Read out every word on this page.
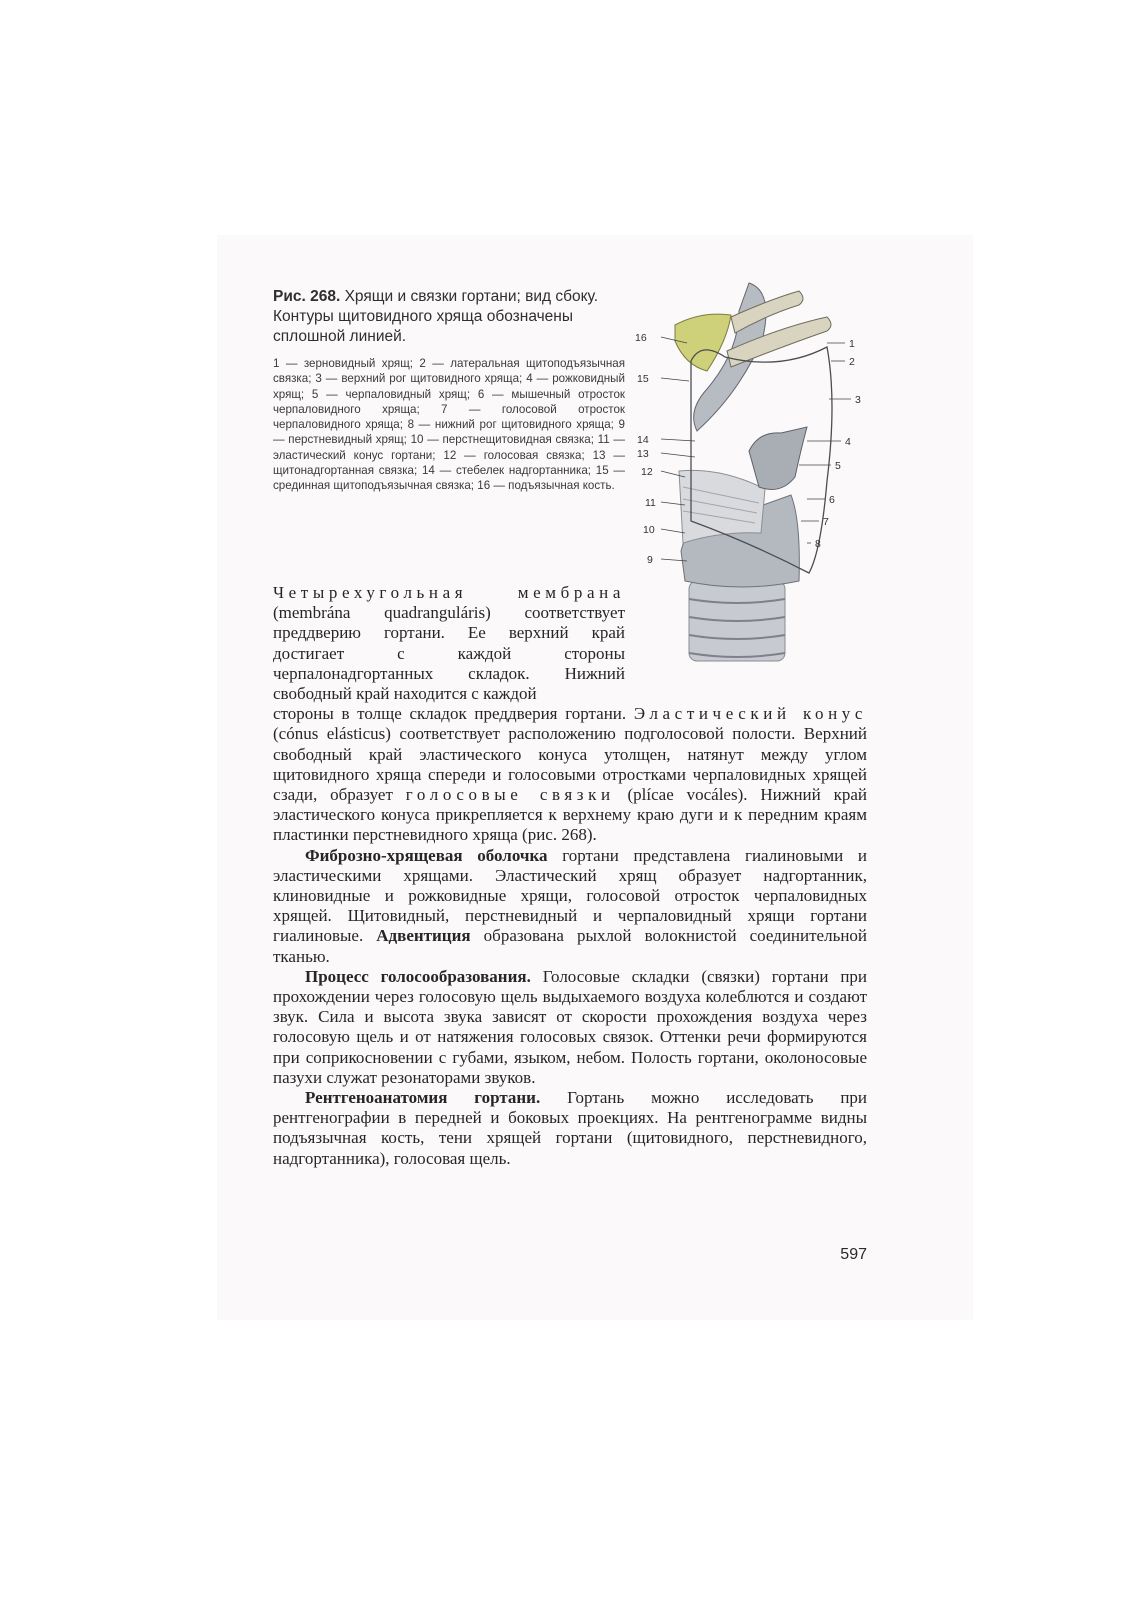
Рис. 268. Хрящи и связки гортани; вид сбоку. Контуры щитовидного хряща обозначены сплошной линией.
1 — зерновидный хрящ; 2 — латеральная щитоподъязычная связка; 3 — верхний рог щитовидного хряща; 4 — рожковидный хрящ; 5 — черпаловидный хрящ; 6 — мышечный отросток черпаловидного хряща; 7 — голосовой отросток черпаловидного хряща; 8 — нижний рог щитовидного хряща; 9 — перстневидный хрящ; 10 — перстнещитовидная связка; 11 — эластический конус гортани; 12 — голосовая связка; 13 — щитонадгортанная связка; 14 — стебелек надгортанника; 15 — срединная щитоподъязычная связка; 16 — подъязычная кость.
16
15
14
13
12
11
10
9
1
2
3
4
5
6
7
8

Четырехугольная мембрана (membrána quadranguláris) соответствует преддверию гортани. Ее верхний край достигает с каждой стороны черпалонадгортанных складок. Нижний свободный край находится с каждой

стороны в толще складок преддверия гортани. Эластический конус (cónus elásticus) соответствует расположению подголосовой полости. Верхний свободный край эластического конуса утолщен, натянут между углом щитовидного хряща спереди и голосовыми отростками черпаловидных хрящей сзади, образует голосовые связки (plícae vocáles). Нижний край эластического конуса прикрепляется к верхнему краю дуги и к передним краям пластинки перстневидного хряща (рис. 268).

Фиброзно-хрящевая оболочка гортани представлена гиалиновыми и эластическими хрящами. Эластический хрящ образует надгортанник, клиновидные и рожковидные хрящи, голосовой отросток черпаловидных хрящей. Щитовидный, перстневидный и черпаловидный хрящи гортани гиалиновые. Адвентиция образована рыхлой волокнистой соединительной тканью.

Процесс голосообразования. Голосовые складки (связки) гортани при прохождении через голосовую щель выдыхаемого воздуха колеблются и создают звук. Сила и высота звука зависят от скорости прохождения воздуха через голосовую щель и от натяжения голосовых связок. Оттенки речи формируются при соприкосновении с губами, языком, небом. Полость гортани, околоносовые пазухи служат резонаторами звуков.

Рентгеноанатомия гортани. Гортань можно исследовать при рентгенографии в передней и боковых проекциях. На рентгенограмме видны подъязычная кость, тени хрящей гортани (щитовидного, перстневидного, надгортанника), голосовая щель.

597
